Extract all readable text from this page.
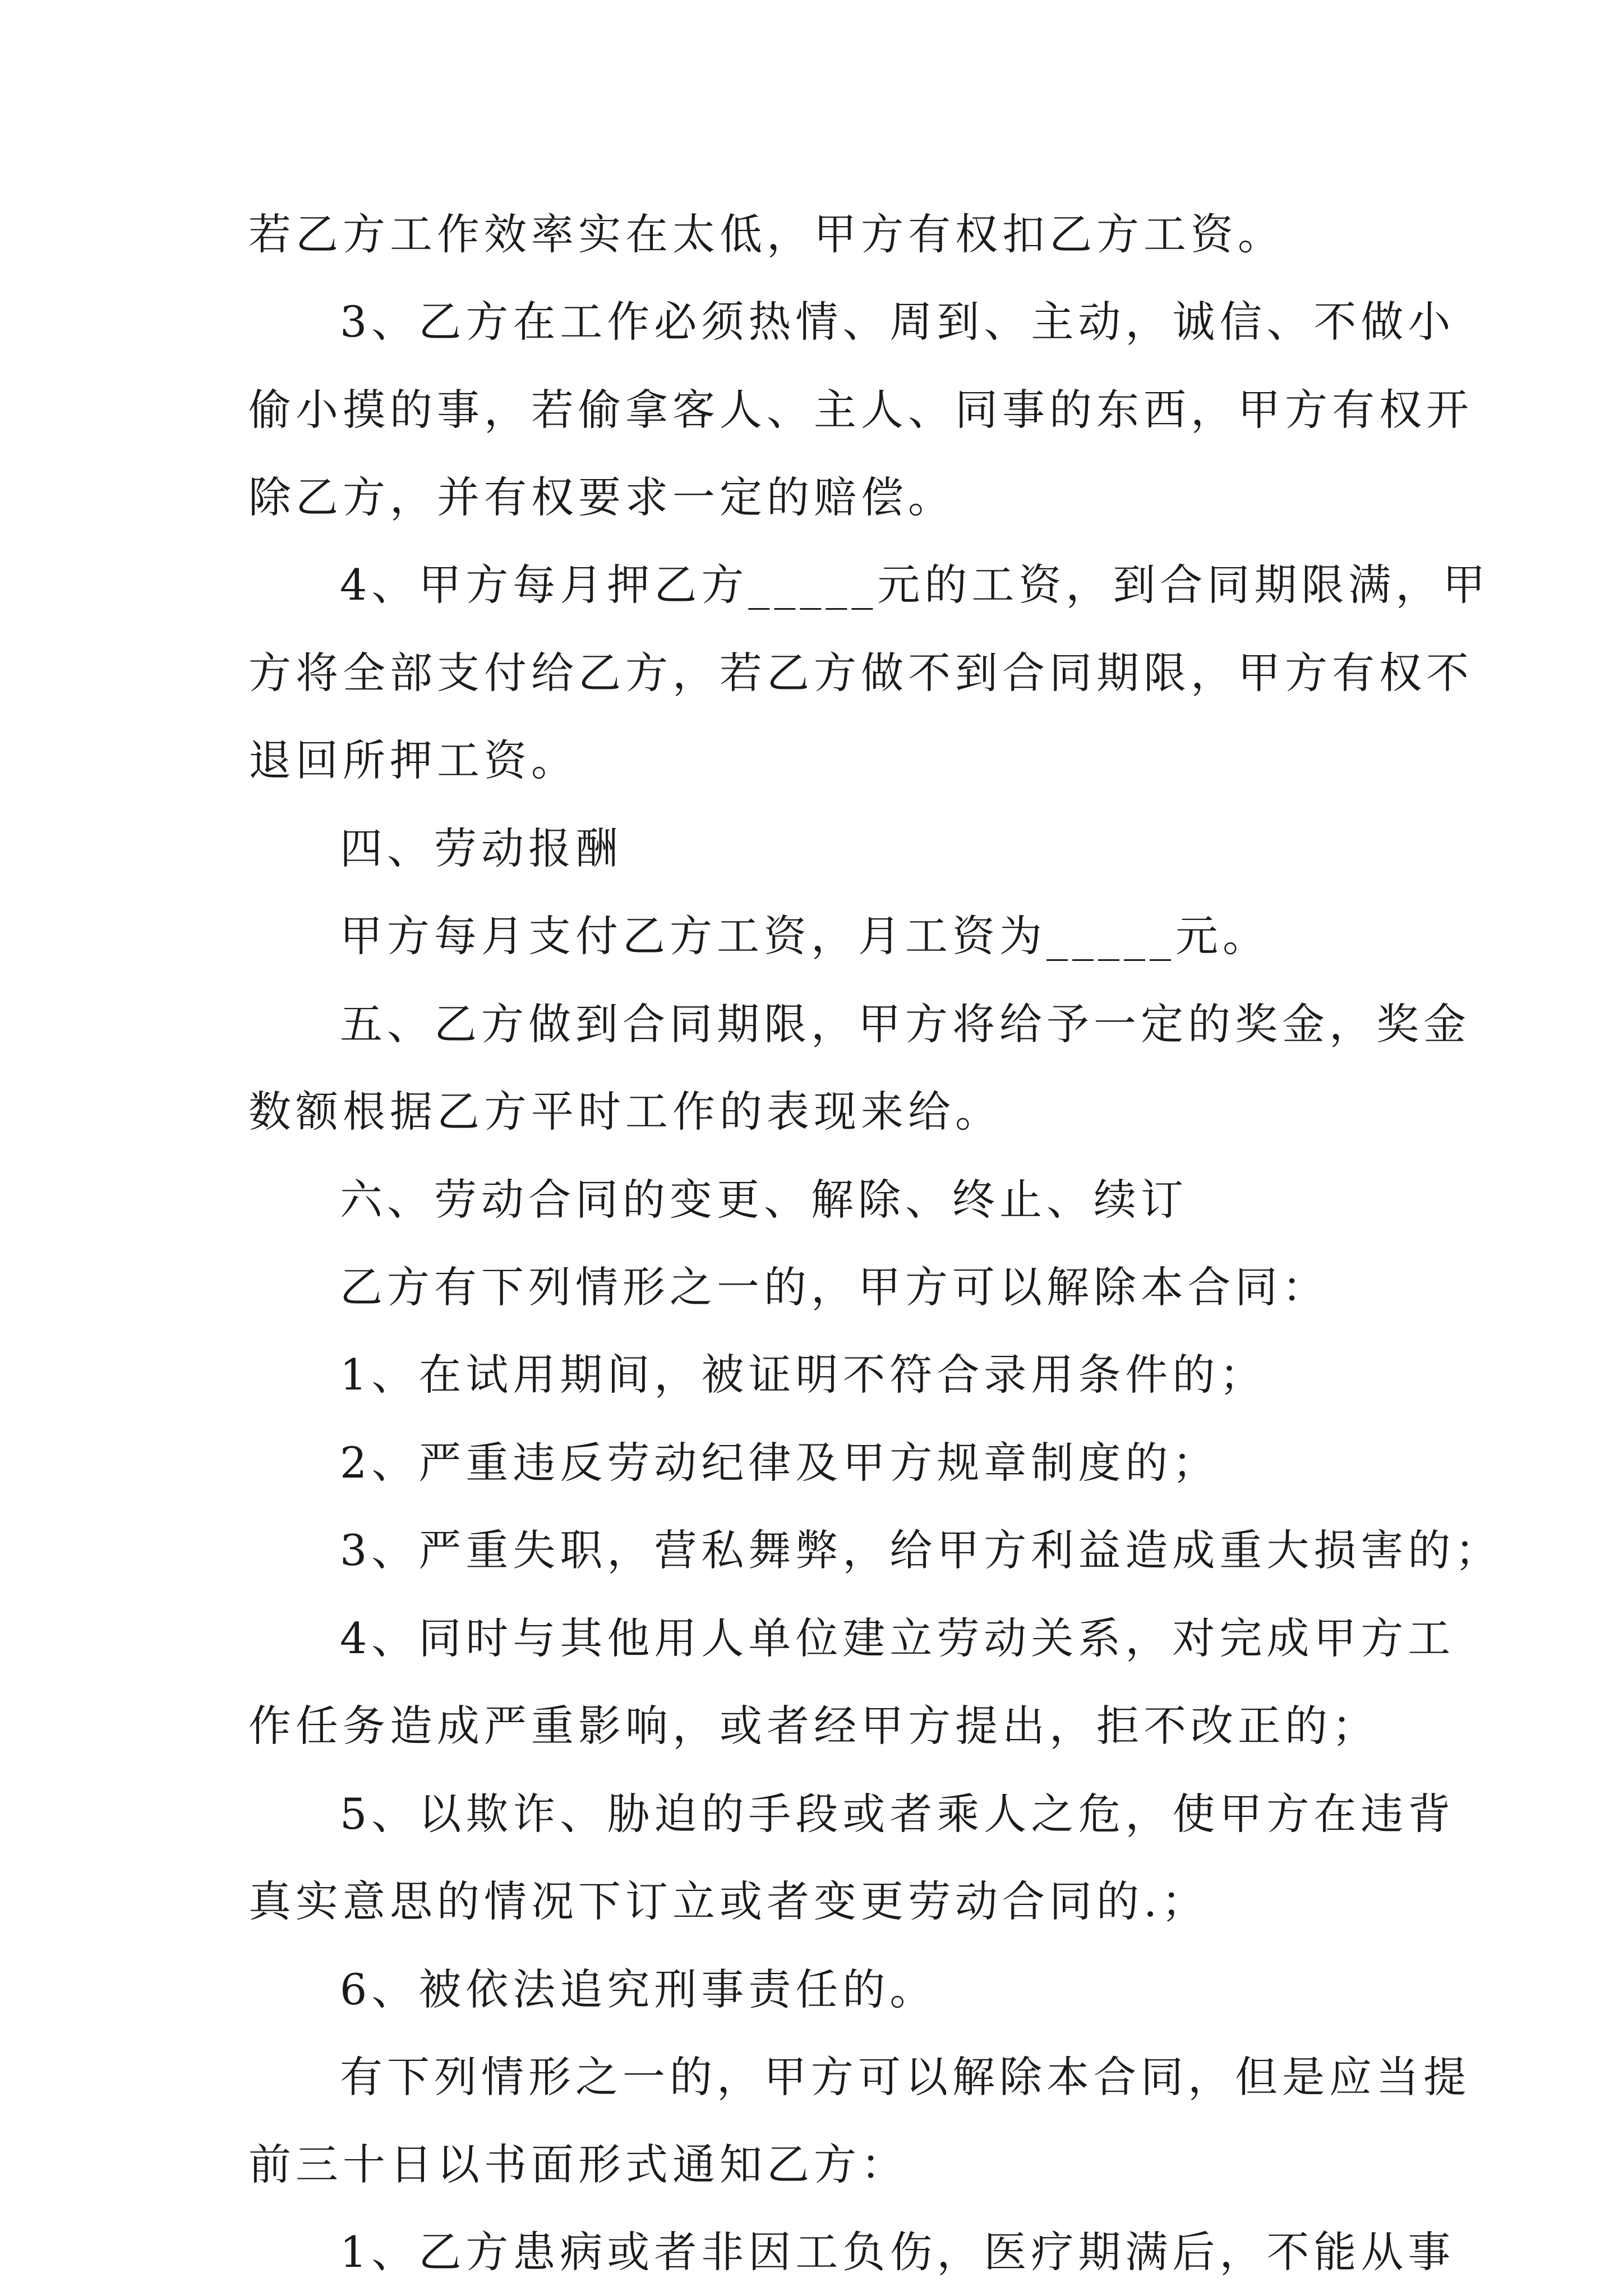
若乙方工作效率实在太低，甲方有权扣乙方工资。
3、乙方在工作必须热情、周到、主动，诚信、不做小
偷小摸的事，若偷拿客人、主人、同事的东西，甲方有权开
除乙方，并有权要求一定的赔偿。
4、甲方每月押乙方_____元的工资，到合同期限满，甲
方将全部支付给乙方，若乙方做不到合同期限，甲方有权不
退回所押工资。
四、劳动报酬
甲方每月支付乙方工资，月工资为_____元。
五、乙方做到合同期限，甲方将给予一定的奖金，奖金
数额根据乙方平时工作的表现来给。
六、劳动合同的变更、解除、终止、续订
乙方有下列情形之一的，甲方可以解除本合同：
1、在试用期间，被证明不符合录用条件的；
2、严重违反劳动纪律及甲方规章制度的；
3、严重失职，营私舞弊，给甲方利益造成重大损害的；
4、同时与其他用人单位建立劳动关系，对完成甲方工
作任务造成严重影响，或者经甲方提出，拒不改正的；
5、以欺诈、胁迫的手段或者乘人之危，使甲方在违背
真实意思的情况下订立或者变更劳动合同的.；
6、被依法追究刑事责任的。
有下列情形之一的，甲方可以解除本合同，但是应当提
前三十日以书面形式通知乙方：
1、乙方患病或者非因工负伤，医疗期满后，不能从事
